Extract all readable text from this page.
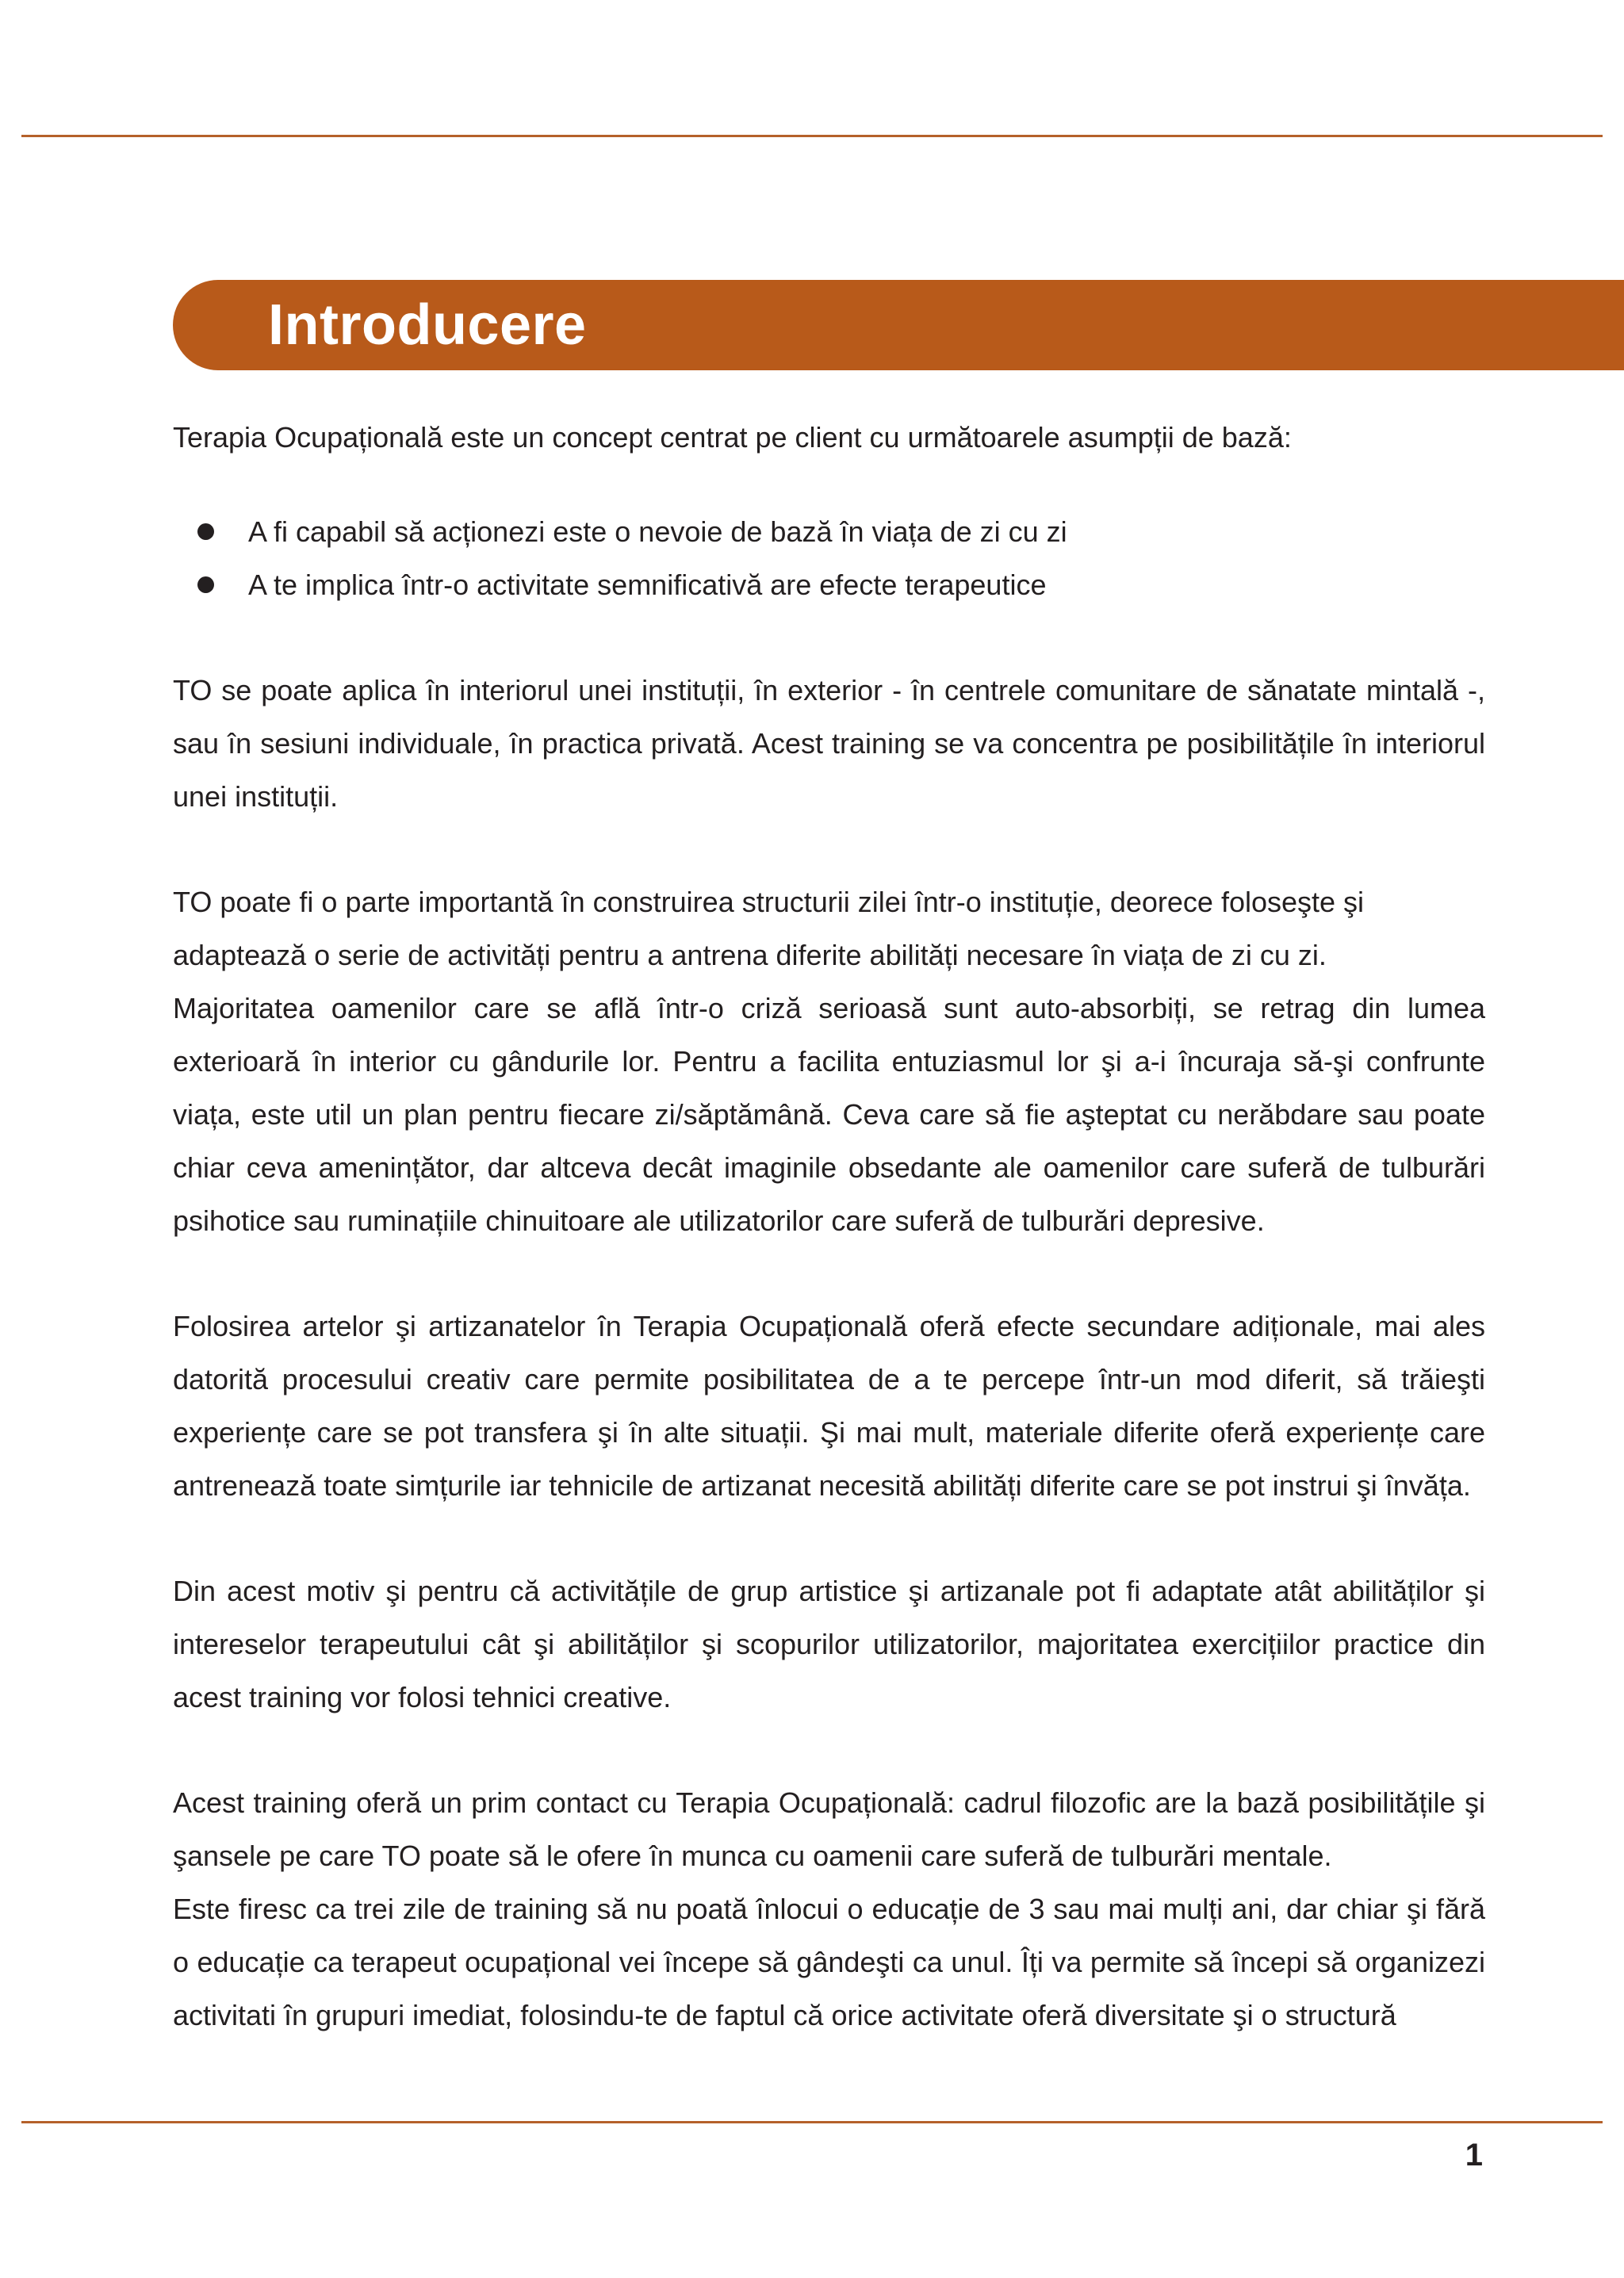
Introducere

Terapia Ocupațională este un concept centrat pe client cu următoarele asumpții de bază:

A fi capabil să acționezi este o nevoie de bază în viața de zi cu zi
A te implica într-o activitate semnificativă are efecte terapeutice

TO se poate aplica în interiorul unei instituții, în exterior - în centrele comunitare de sănatate mintală -, sau în sesiuni individuale, în practica privată. Acest training se va concentra pe posibilitățile în interiorul unei instituții.

TO poate fi o parte importantă în construirea structurii zilei într-o instituție, deorece foloseşte şi adaptează o serie de activități pentru a antrena diferite abilități necesare în viața de zi cu zi.

Majoritatea oamenilor care se află într-o criză serioasă sunt auto-absorbiți, se retrag din lumea exterioară în interior cu gândurile lor. Pentru a facilita entuziasmul lor şi a-i încuraja să-şi confrunte viața, este util un plan pentru fiecare zi/săptămână. Ceva care să fie aşteptat cu nerăbdare sau poate chiar ceva amenințător, dar altceva decât imaginile obsedante ale oamenilor care suferă de tulburări psihotice sau ruminațiile chinuitoare ale utilizatorilor care suferă de tulburări depresive.

Folosirea artelor şi artizanatelor în Terapia Ocupațională oferă efecte secundare adiționale, mai ales datorită procesului creativ care permite posibilitatea de a te percepe într-un mod diferit, să trăieşti experiențe care se pot transfera şi în alte situații. Şi mai mult, materiale diferite oferă experiențe care antrenează toate simțurile iar tehnicile de artizanat necesită abilități diferite care se pot instrui şi învăța.

Din acest motiv şi pentru că activitățile de grup artistice şi artizanale pot fi adaptate atât abilităților şi intereselor terapeutului cât şi abilităților şi scopurilor utilizatorilor, majoritatea exercițiilor practice din acest training vor folosi tehnici creative.

Acest training oferă un prim contact cu Terapia Ocupațională: cadrul filozofic are la bază posibilitățile şi şansele pe care TO poate să le ofere în munca cu oamenii care suferă de tulburări mentale.

Este firesc ca trei zile de training să nu poată înlocui o educație de 3 sau mai mulți ani, dar chiar şi fără o educație ca terapeut ocupațional vei începe să gândeşti ca unul. Îți va permite să începi să organizezi activitati în grupuri imediat, folosindu-te de faptul că orice activitate oferă diversitate şi o structură

1
